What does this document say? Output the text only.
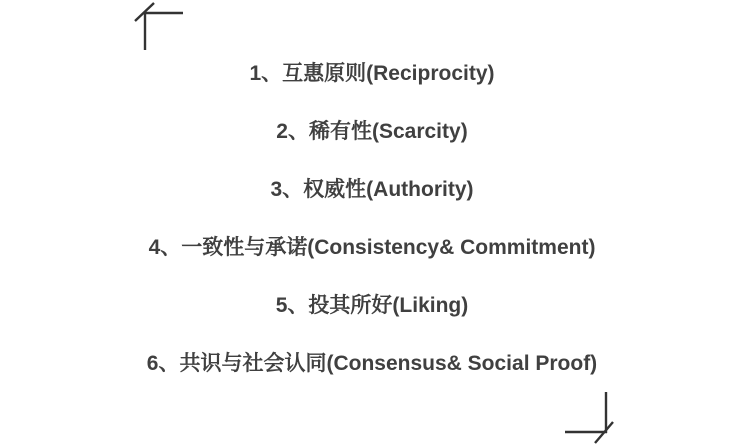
1、互惠原则(Reciprocity)
2、稀有性(Scarcity)
3、权威性(Authority)
4、一致性与承诺(Consistency& Commitment)
5、投其所好(Liking)
6、共识与社会认同(Consensus& Social Proof)
